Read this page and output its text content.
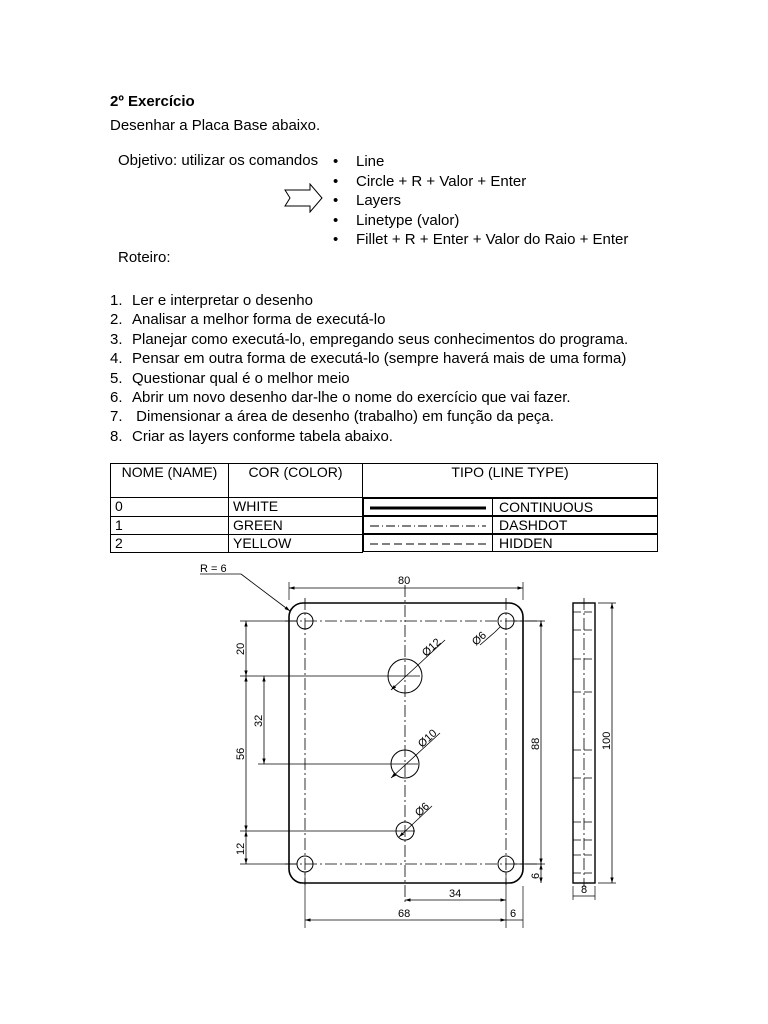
2º Exercício
Desenhar a Placa Base abaixo.
Objetivo: utilizar os comandos	• Line
• Circle + R + Valor + Enter
• Layers
• Linetype (valor)
• Fillet + R + Enter + Valor do Raio + Enter
Roteiro:
1. Ler e interpretar o desenho
2. Analisar a melhor forma de executá-lo
3. Planejar como executá-lo, empregando seus conhecimentos do programa.
4. Pensar em outra forma de executá-lo (sempre haverá mais de uma forma)
5. Questionar qual é o melhor meio
6. Abrir um novo desenho dar-lhe o nome do exercício que vai fazer.
7. Dimensionar a área de desenho (trabalho) em função da peça.
8. Criar as layers conforme tabela abaixo.
NOME (NAME)	COR (COLOR)	TIPO (LINE TYPE)
0	WHITE		CONTINUOUS

1	GREEN		DASHDOT

2	YELLOW		HIDDEN
R = 6
80
68
34
6
8
20
32
56
12
88	100
6
Ø12
Ø10
Ø6
Ø6
